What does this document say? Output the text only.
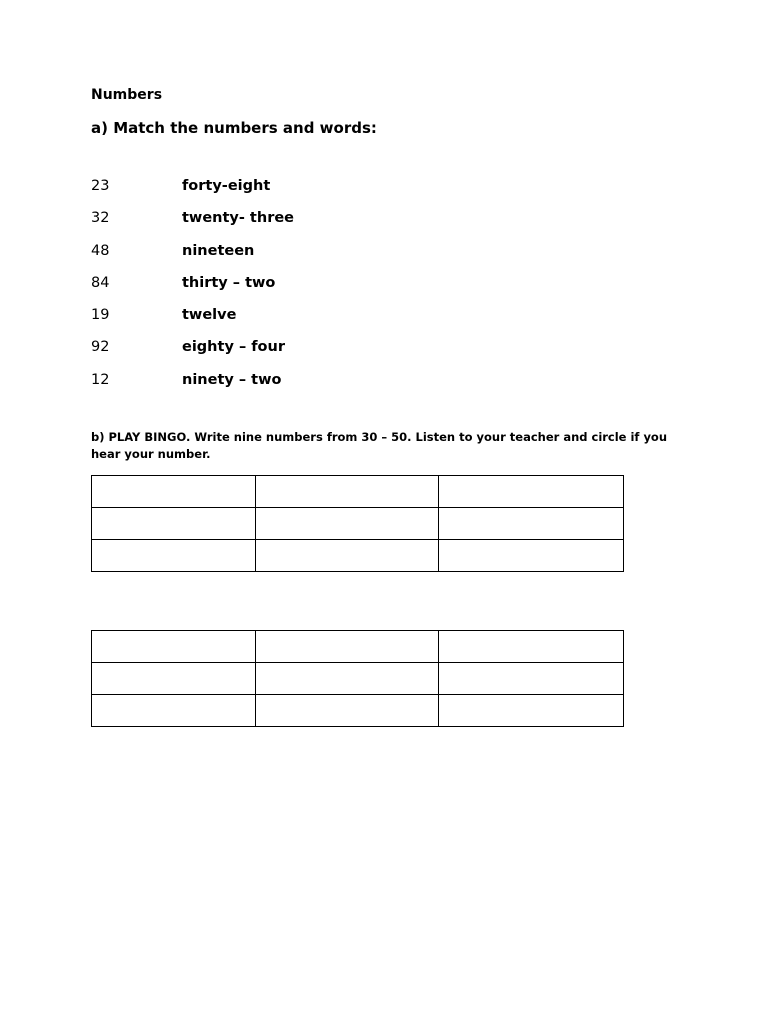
Numbers
a) Match the numbers and words:
23	forty-eight
32	twenty- three
48	nineteen
84	thirty – two
19	twelve
92	eighty – four
12	ninety – two
b) PLAY BINGO. Write nine numbers from 30 – 50. Listen to your teacher and circle if you hear your number.
